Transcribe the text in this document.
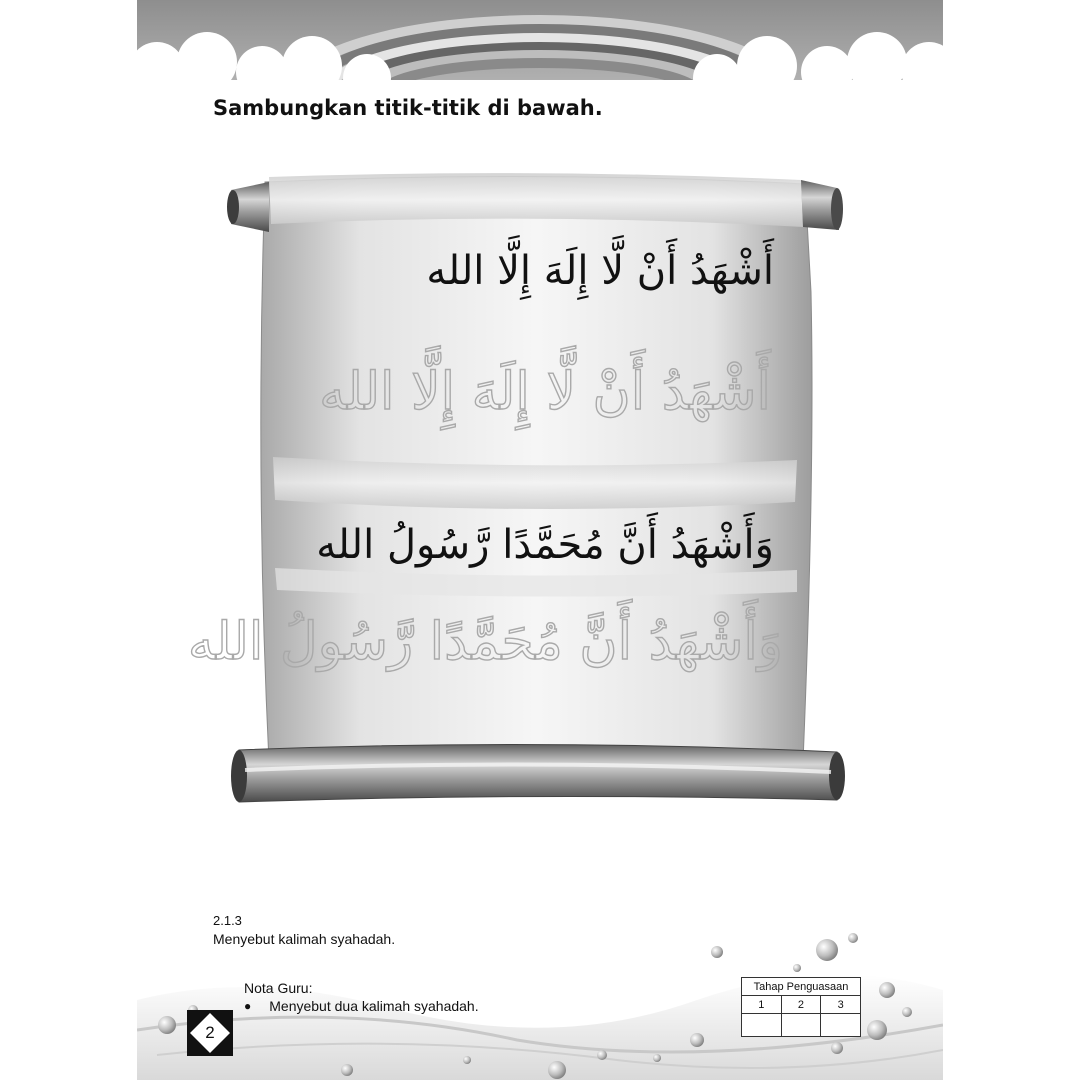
Sambungkan titik-titik di bawah.
أَشْهَدُ أَنْ لَّا إِلَهَ إِلَّا الله
أَشْهَدُ أَنْ لَّا إِلَهَ إِلَّا الله
وَأَشْهَدُ أَنَّ مُحَمَّدًا رَّسُولُ الله
وَأَشْهَدُ أَنَّ مُحَمَّدًا رَّسُولُ الله
2.1.3
Menyebut kalimah syahadah.
Nota Guru:
● Menyebut dua kalimah syahadah.
2
Tahap Penguasaan		
1	2	3
